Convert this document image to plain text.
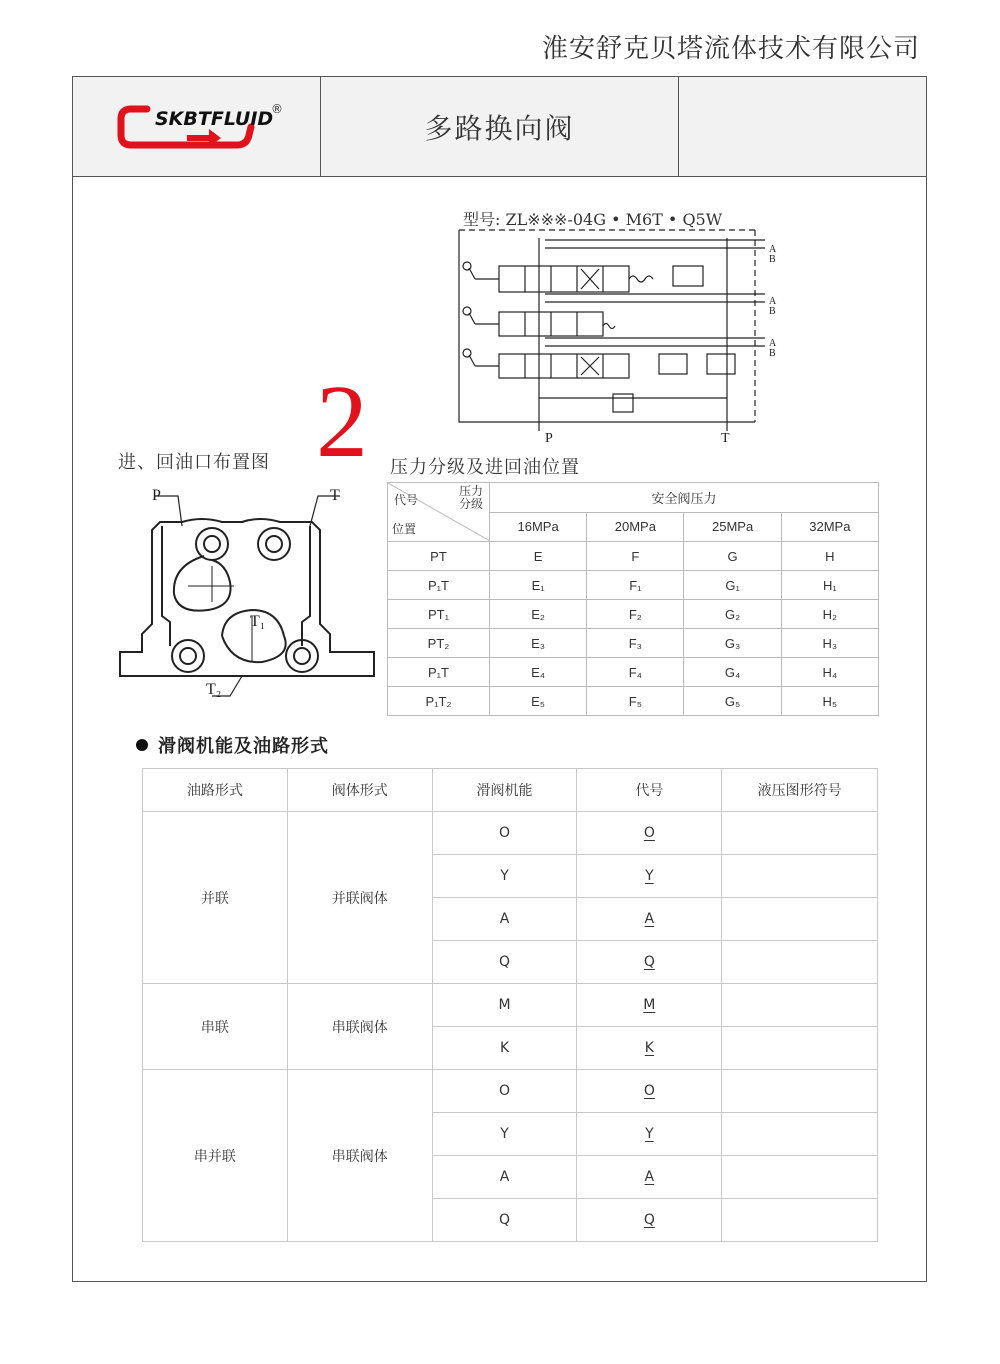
淮安舒克贝塔流体技术有限公司
SKBTFLUID
®
多路换向阀
型号: ZL※※※-04G • M6T • Q5W
A
B
A
B
A
B
P	T
2
进、回油口布置图	压力分级及进回油位置
P	T
T₁
T₂
代号
压力
分级
位置	安全阀压力			
	16MPa	20MPa	25MPa	32MPa
PT	E	F	G	H
P₁T	E₁	F₁	G₁	H₁
PT₁	E₂	F₂	G₂	H₂
PT₂	E₃	F₃	G₃	H₃
P₁T	E₄	F₄	G₄	H₄
P₁T₂	E₅	F₅	G₅	H₅
滑阀机能及油路形式
油路形式	阀体形式	滑阀机能	代号	液压图形符号
并联	并联阀体	O	O	
		Y	Y	
		A	A	
		Q	Q	
串联	串联阀体	M	M	
		K	K	
串并联	串联阀体	O	O	
		Y	Y	
		A	A	
		Q	Q	
